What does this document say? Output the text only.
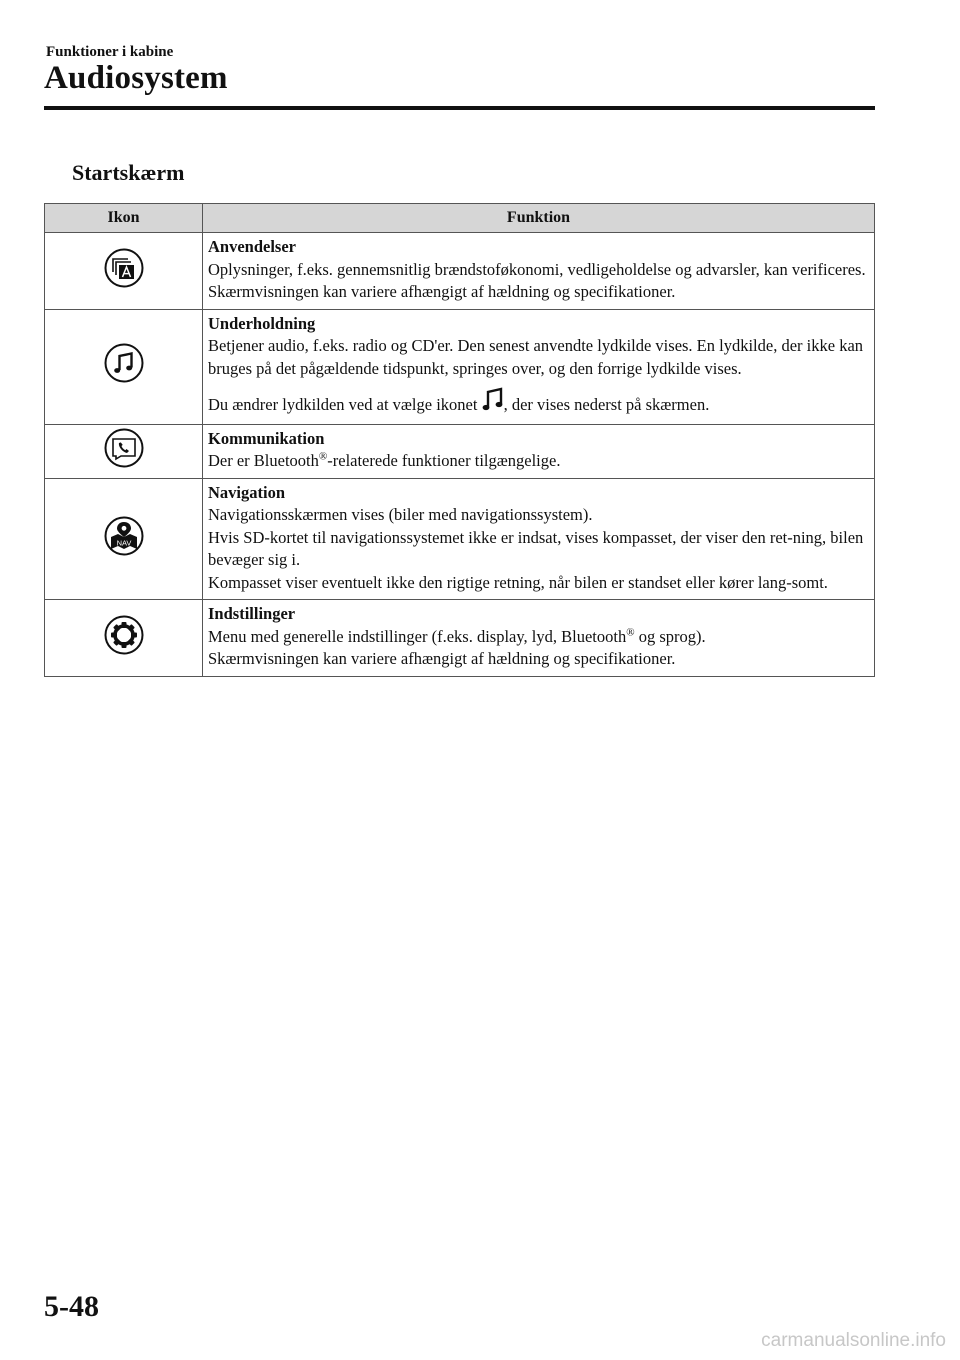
Funktioner i kabine
Audiosystem
Startskærm
Ikon	Funktion

Anvendelser
Oplysninger, f.eks. gennemsnitlig brændstoføkonomi, vedligeholdelse og advarsler, kan verificeres.
Skærmvisningen kan variere afhængigt af hældning og specifikationer.

Underholdning
Betjener audio, f.eks. radio og CD'er. Den senest anvendte lydkilde vises. En lydkilde, der ikke kan bruges på det pågældende tidspunkt, springes over, og den forrige lydkilde vises.
Du ændrer lydkilden ved at vælge ikonet , der vises nederst på skærmen.

Kommunikation
Der er Bluetooth®-relaterede funktioner tilgængelige.

NAV	Navigation
Navigationsskærmen vises (biler med navigationssystem).
Hvis SD-kortet til navigationssystemet ikke er indsat, vises kompasset, der viser den ret-ning, bilen bevæger sig i.
Kompasset viser eventuelt ikke den rigtige retning, når bilen er standset eller kører lang-somt.

Indstillinger
Menu med generelle indstillinger (f.eks. display, lyd, Bluetooth® og sprog).
Skærmvisningen kan variere afhængigt af hældning og specifikationer.
5-48
carmanualsonline.info
